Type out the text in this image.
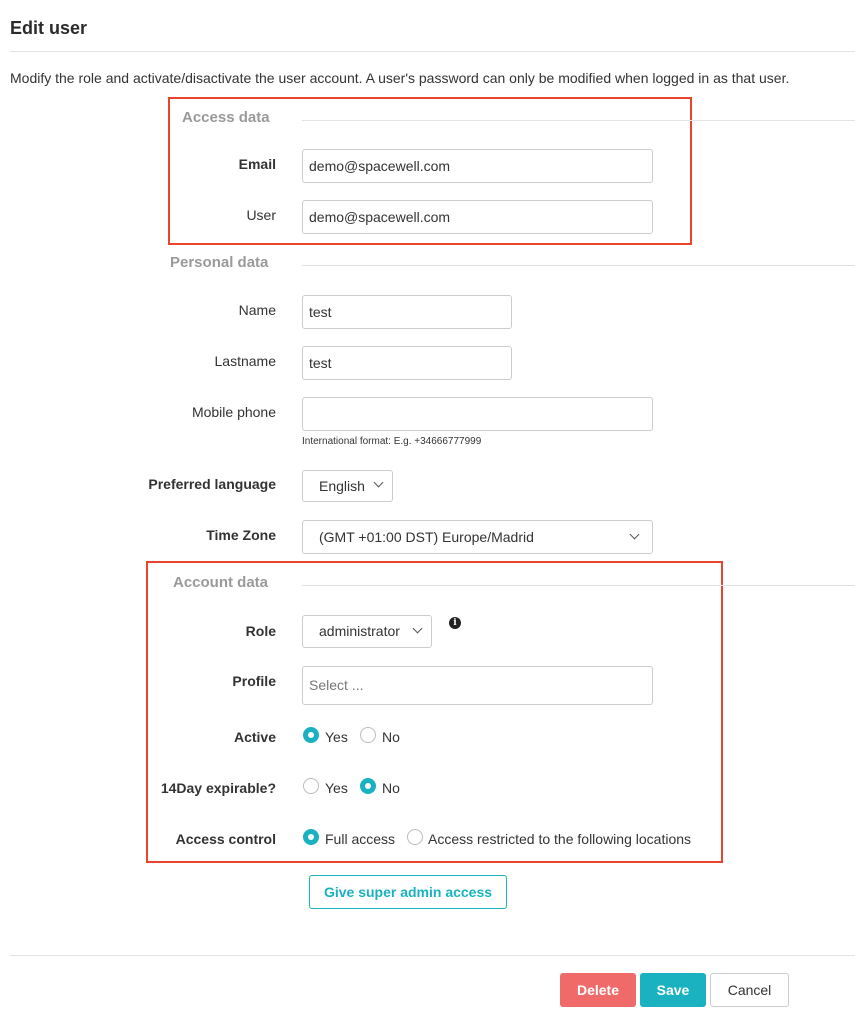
Edit user
Modify the role and activate/disactivate the user account. A user's password can only be modified when logged in as that user.
Access data
Email	demo@spacewell.com
User	demo@spacewell.com
Personal data
Name	test
Lastname	test
Mobile phone
International format: E.g. +34666777999
Preferred language	English
Time Zone	(GMT +01:00 DST) Europe/Madrid
Account data
Role	administrator	i
Profile	Select ...
Active	Yes No
14Day expirable?	Yes No
Access control	Full access Access restricted to the following locations
Give super admin access
Delete	Save	Cancel
